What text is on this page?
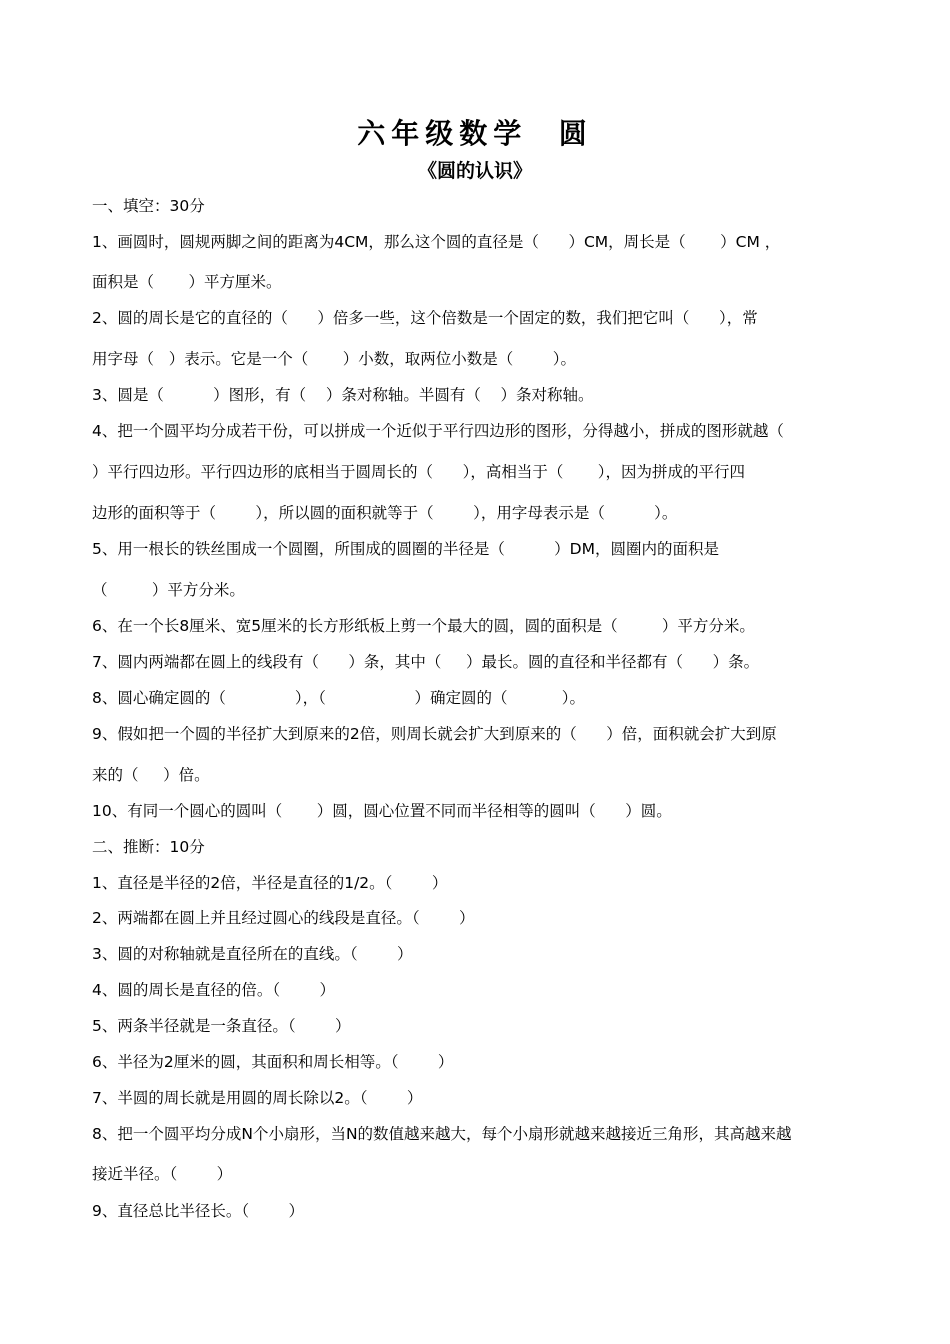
六年级数学  圆
《圆的认识》
一、填空：30分
1、画圆时，圆规两脚之间的距离为4CM，那么这个圆的直径是（      ）CM，周长是（       ）CM ，
面积是（       ）平方厘米。
2、圆的周长是它的直径的（      ）倍多一些，这个倍数是一个固定的数，我们把它叫（      ），常
用字母（   ）表示。它是一个（       ）小数，取两位小数是（        ）。
3、圆是（          ）图形，有（    ）条对称轴。半圆有（    ）条对称轴。
4、把一个圆平均分成若干份，可以拼成一个近似于平行四边形的图形，分得越小，拼成的图形就越（
）平行四边形。平行四边形的底相当于圆周长的（      ），高相当于（       ），因为拼成的平行四
边形的面积等于（        ），所以圆的面积就等于（        ），用字母表示是（          ）。
5、用一根长的铁丝围成一个圆圈，所围成的圆圈的半径是（          ）DM，圆圈内的面积是
（         ）平方分米。
6、在一个长8厘米、宽5厘米的长方形纸板上剪一个最大的圆，圆的面积是（         ）平方分米。
7、圆内两端都在圆上的线段有（      ）条，其中（     ）最长。圆的直径和半径都有（      ）条。
8、圆心确定圆的（              ），（                  ）确定圆的（           ）。
9、假如把一个圆的半径扩大到原来的2倍，则周长就会扩大到原来的（      ）倍，面积就会扩大到原
来的（     ）倍。
10、有同一个圆心的圆叫（       ）圆，圆心位置不同而半径相等的圆叫（      ）圆。
二、推断：10分
1、直径是半径的2倍，半径是直径的1/2。（        ）
2、两端都在圆上并且经过圆心的线段是直径。（        ）
3、圆的对称轴就是直径所在的直线。（        ）
4、圆的周长是直径的倍。（        ）
5、两条半径就是一条直径。（        ）
6、半径为2厘米的圆，其面积和周长相等。（        ）
7、半圆的周长就是用圆的周长除以2。（        ）
8、把一个圆平均分成N个小扇形，当N的数值越来越大，每个小扇形就越来越接近三角形，其高越来越
接近半径。（        ）
9、直径总比半径长。（        ）
